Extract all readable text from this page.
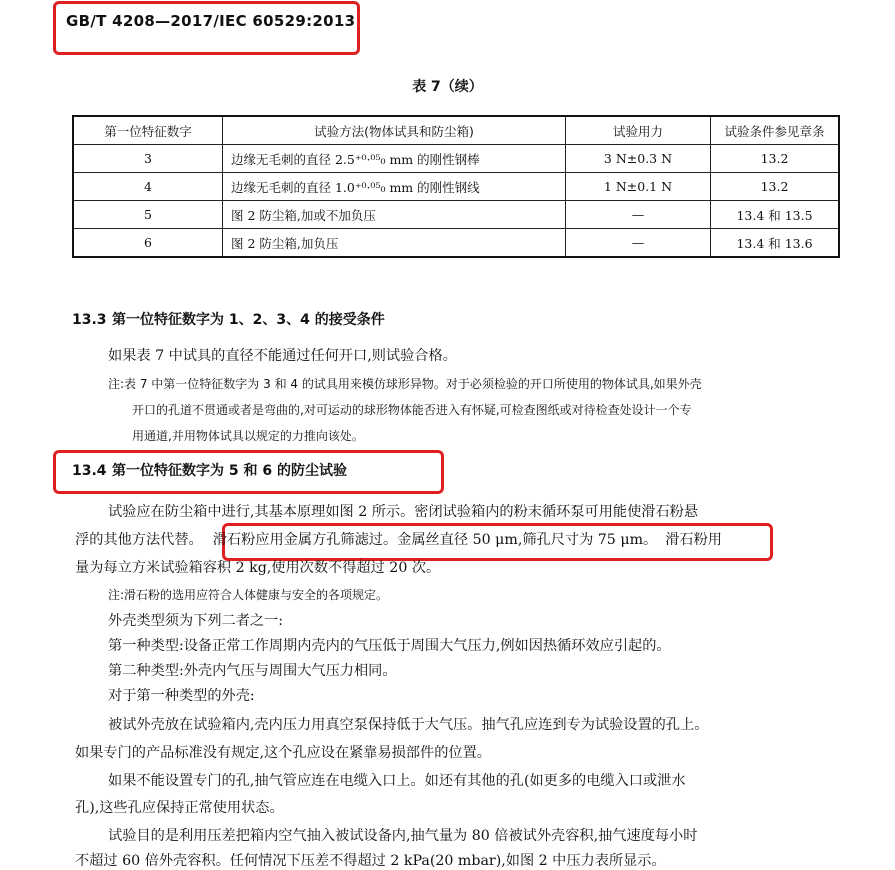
GB/T 4208—2017/IEC 60529:2013
表 7（续）
第一位特征数字	试验方法(物体试具和防尘箱)	试验用力	试验条件参见章条
3	边缘无毛刺的直径 2.5⁺⁰·⁰⁵₀ mm 的刚性钢棒	3 N±0.3 N	13.2
4	边缘无毛刺的直径 1.0⁺⁰·⁰⁵₀ mm 的刚性钢线	1 N±0.1 N	13.2
5	图 2 防尘箱,加或不加负压	—	13.4 和 13.5
6	图 2 防尘箱,加负压	—	13.4 和 13.6
13.3 第一位特征数字为 1、2、3、4 的接受条件
如果表 7 中试具的直径不能通过任何开口,则试验合格。
注:表 7 中第一位特征数字为 3 和 4 的试具用来模仿球形异物。对于必须检验的开口所使用的物体试具,如果外壳
开口的孔道不贯通或者是弯曲的,对可运动的球形物体能否进入有怀疑,可检查图纸或对待检查处设计一个专
用通道,并用物体试具以规定的力推向该处。
13.4 第一位特征数字为 5 和 6 的防尘试验
试验应在防尘箱中进行,其基本原理如图 2 所示。密闭试验箱内的粉末循环泵可用能使滑石粉悬
浮的其他方法代替。 滑石粉应用金属方孔筛滤过。金属丝直径 50 μm,筛孔尺寸为 75 μm。 滑石粉用
量为每立方米试验箱容积 2 kg,使用次数不得超过 20 次。
注:滑石粉的选用应符合人体健康与安全的各项规定。
外壳类型须为下列二者之一:
第一种类型:设备正常工作周期内壳内的气压低于周围大气压力,例如因热循环效应引起的。
第二种类型:外壳内气压与周围大气压力相同。
对于第一种类型的外壳:
被试外壳放在试验箱内,壳内压力用真空泵保持低于大气压。抽气孔应连到专为试验设置的孔上。
如果专门的产品标准没有规定,这个孔应设在紧靠易损部件的位置。
如果不能设置专门的孔,抽气管应连在电缆入口上。如还有其他的孔(如更多的电缆入口或泄水
孔),这些孔应保持正常使用状态。
试验目的是利用压差把箱内空气抽入被试设备内,抽气量为 80 倍被试外壳容积,抽气速度每小时
不超过 60 倍外壳容积。任何情况下压差不得超过 2 kPa(20 mbar),如图 2 中压力表所显示。
